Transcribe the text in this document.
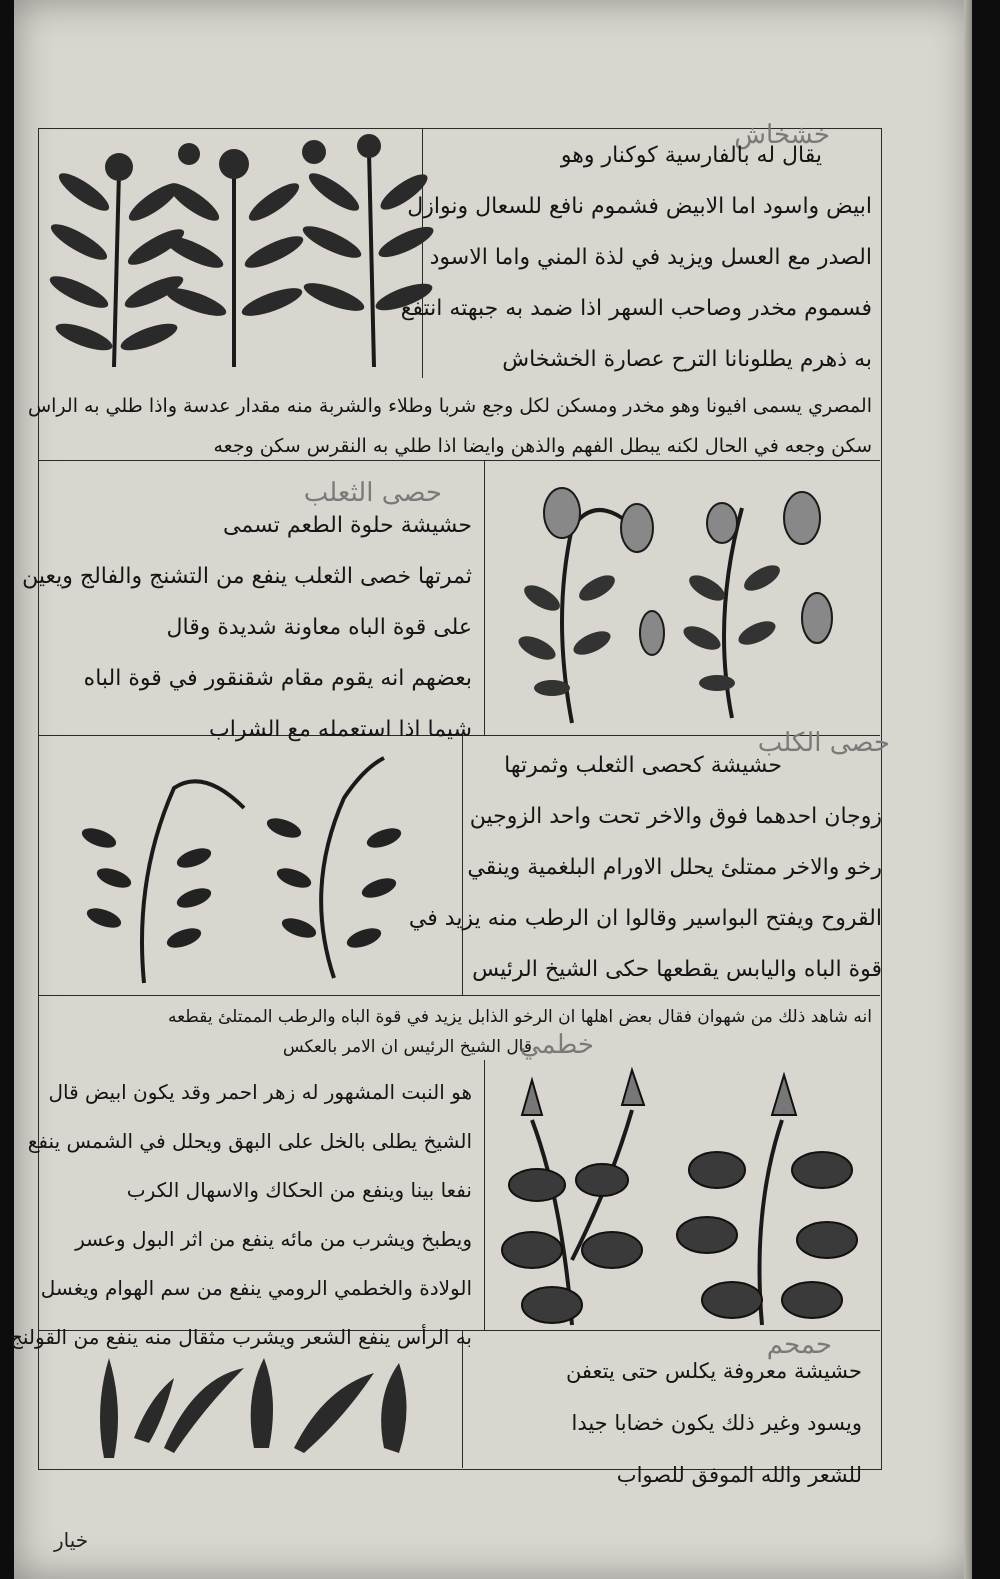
خشخاش
يقال له بالفارسية كوكنار وهو
ابيض واسود اما الابيض فشموم نافع للسعال ونوازل
الصدر مع العسل ويزيد في لذة المني واما الاسود
فسموم مخدر وصاحب السهر اذا ضمد به جبهته انتفع
به ذهرم يطلونانا الترح عصارة الخشخاش
المصري يسمى افيونا وهو مخدر ومسكن لكل وجع شربا وطلاء والشربة منه مقدار عدسة واذا طلي به الراس
سكن وجعه في الحال لكنه يبطل الفهم والذهن وايضا اذا طلي به النقرس سكن وجعه
حصى الثعلب
حشيشة حلوة الطعم تسمى
ثمرتها خصى الثعلب ينفع من التشنج والفالج ويعين
على قوة الباه معاونة شديدة وقال
بعضهم انه يقوم مقام شقنقور في قوة الباه
شيما اذا استعمله مع الشراب	حصى الكلب
حشيشة كحصى الثعلب وثمرتها
زوجان احدهما فوق والاخر تحت واحد الزوجين
رخو والاخر ممتلئ يحلل الاورام البلغمية وينقي
القروح ويفتح البواسير وقالوا ان الرطب منه يزيد في
قوة الباه واليابس يقطعها حكى الشيخ الرئيس
انه شاهد ذلك من شهوان فقال بعض اهلها ان الرخو الذابل يزيد في قوة الباه والرطب الممتلئ يقطعه
قال الشيخ الرئيس ان الامر بالعكس
خطمي
هو النبت المشهور له زهر احمر وقد يكون ابيض قال
الشيخ يطلى بالخل على البهق ويحلل في الشمس ينفع
نفعا بينا وينفع من الحكاك والاسهال الكرب
ويطبخ ويشرب من مائه ينفع من اثر البول وعسر
الولادة والخطمي الرومي ينفع من سم الهوام ويغسل
به الرأس ينفع الشعر ويشرب مثقال منه ينفع من القولنج	حمحم
حشيشة معروفة يكلس حتى يتعفن
ويسود وغير ذلك يكون خضابا جيدا
للشعر والله الموفق للصواب
خيار
